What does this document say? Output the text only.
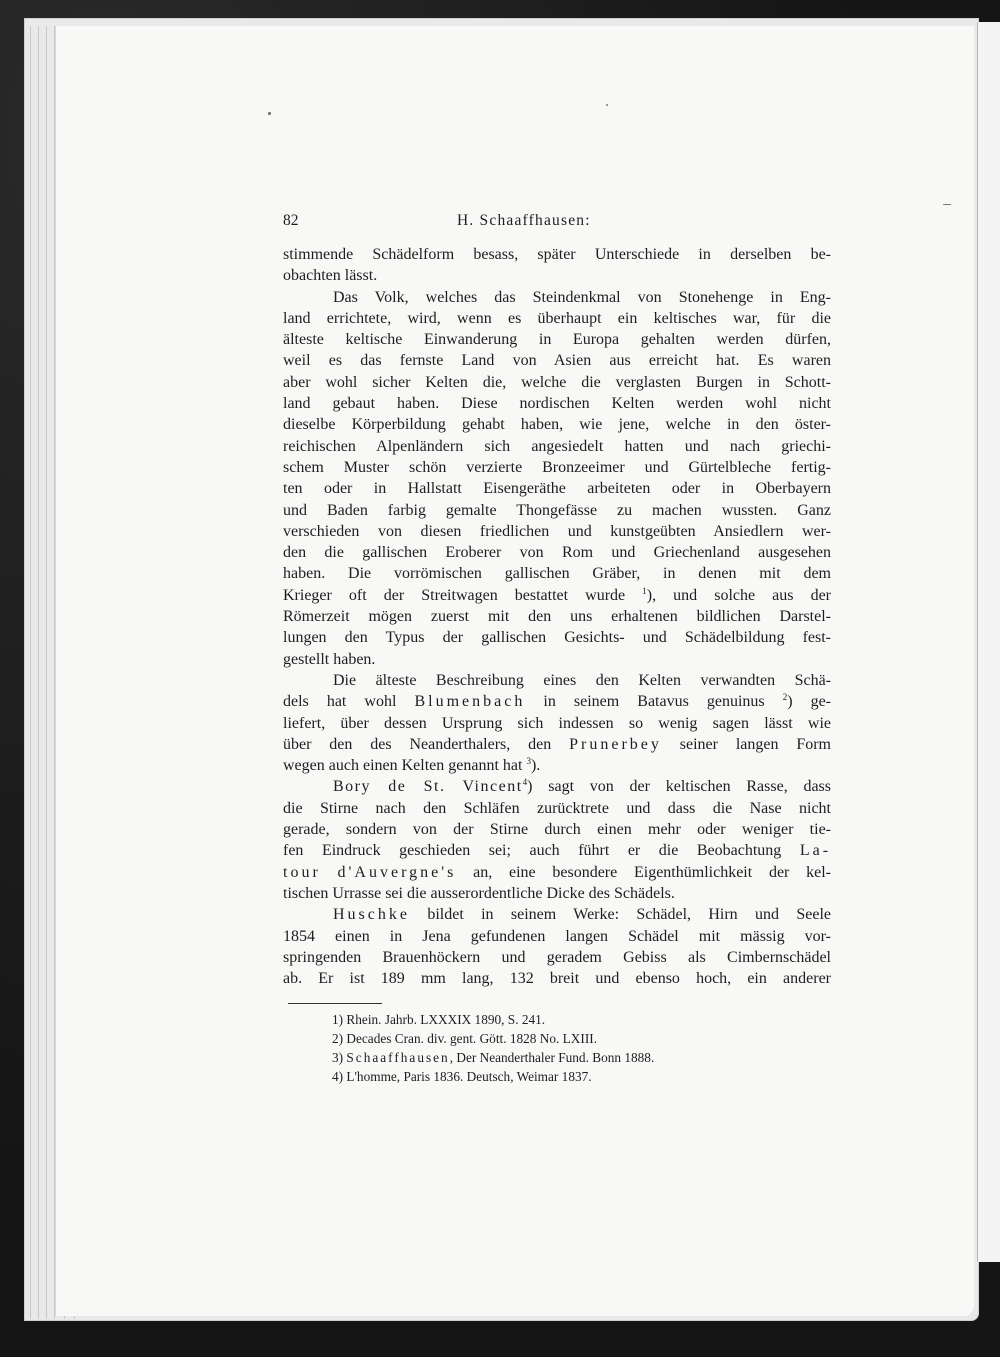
82	H. Schaaffhausen:
stimmende Schädelform besass, später Unterschiede in derselben be-
obachten lässt.
Das Volk, welches das Steindenkmal von Stonehenge in Eng-
land errichtete, wird, wenn es überhaupt ein keltisches war, für die
älteste keltische Einwanderung in Europa gehalten werden dürfen,
weil es das fernste Land von Asien aus erreicht hat. Es waren
aber wohl sicher Kelten die, welche die verglasten Burgen in Schott-
land gebaut haben. Diese nordischen Kelten werden wohl nicht
dieselbe Körperbildung gehabt haben, wie jene, welche in den öster-
reichischen Alpenländern sich angesiedelt hatten und nach griechi-
schem Muster schön verzierte Bronzeeimer und Gürtelbleche fertig-
ten oder in Hallstatt Eisengeräthe arbeiteten oder in Oberbayern
und Baden farbig gemalte Thongefässe zu machen wussten. Ganz
verschieden von diesen friedlichen und kunstgeübten Ansiedlern wer-
den die gallischen Eroberer von Rom und Griechenland ausgesehen
haben. Die vorrömischen gallischen Gräber, in denen mit dem
Krieger oft der Streitwagen bestattet wurde $^1$), und solche aus der
Römerzeit mögen zuerst mit den uns erhaltenen bildlichen Darstel-
lungen den Typus der gallischen Gesichts- und Schädelbildung fest-
gestellt haben.
Die älteste Beschreibung eines den Kelten verwandten Schä-
dels hat wohl Blumenbach in seinem Batavus genuinus $^2$) ge-
liefert, über dessen Ursprung sich indessen so wenig sagen lässt wie
über den des Neanderthalers, den Prunerbey seiner langen Form
wegen auch einen Kelten genannt hat $^3$).
Bory de St. Vincent$^4$) sagt von der keltischen Rasse, dass
die Stirne nach den Schläfen zurücktrete und dass die Nase nicht
gerade, sondern von der Stirne durch einen mehr oder weniger tie-
fen Eindruck geschieden sei; auch führt er die Beobachtung La-
tour d'Auvergne's an, eine besondere Eigenthümlichkeit der kel-
tischen Urrasse sei die ausserordentliche Dicke des Schädels.
Huschke bildet in seinem Werke: Schädel, Hirn und Seele
1854 einen in Jena gefundenen langen Schädel mit mässig vor-
springenden Brauenhöckern und geradem Gebiss als Cimbernschädel
ab. Er ist 189 mm lang, 132 breit und ebenso hoch, ein anderer
1) Rhein. Jahrb. LXXXIX 1890, S. 241.
2) Decades Cran. div. gent. Gött. 1828 No. LXIII.
3) Schaaffhausen, Der Neanderthaler Fund. Bonn 1888.
4) L'homme, Paris 1836. Deutsch, Weimar 1837.
